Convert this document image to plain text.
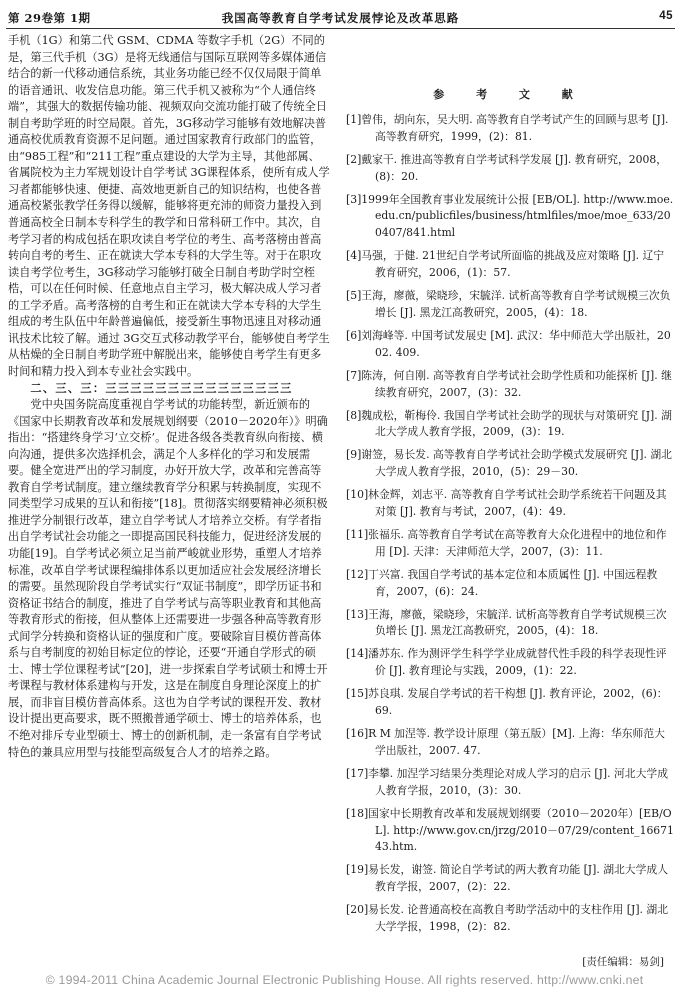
第 29卷第 1期	我国高等教育自学考试发展悖论及改革思路	45

手机（1G）和第二代 GSM、CDMA 等数字手机（2G）不同的是，第三代手机（3G）是将无线通信与国际互联网等多媒体通信结合的新一代移动通信系统，其业务功能已经不仅仅局限于简单的语音通讯、收发信息功能。第三代手机又被称为“个人通信终端”，其强大的数据传输功能、视频双向交流功能打破了传统全日制自考助学班的时空局限。首先，3G移动学习能够有效地解决普通高校优质教育资源不足问题。通过国家教育行政部门的监管，由“985工程”和“211工程”重点建设的大学为主导，其他部属、省属院校为主力军规划设计自学考试 3G课程体系，使所有成人学习者都能够快速、便捷、高效地更新自己的知识结构，也使各普通高校紧张教学任务得以缓解，能够将更充沛的师资力量投入到普通高校全日制本专科学生的教学和日常科研工作中。其次，自考学习者的构成包括在职攻读自考学位的考生、高考落榜由普高转向自考的考生、正在就读大学本专科的大学生等。对于在职攻读自考学位考生，3G移动学习能够打破全日制自考助学时空桎梏，可以在任何时候、任意地点自主学习，极大解决成人学习者的工学矛盾。高考落榜的自考生和正在就读大学本专科的大学生组成的考生队伍中年龄普遍偏低，接受新生事物迅速且对移动通讯技术比较了解。通过 3G交互式移动教学平台，能够使自考学生从枯燥的全日制自考助学班中解脱出来，能够使自考学生有更多时间和精力投入到本专业社会实践中。

二、三、三：三三三三三三三三三三三三三三三

党中央国务院高度重视自学考试的功能转型，新近颁布的《国家中长期教育改革和发展规划纲要（2010－2020年）》明确指出：“搭建终身学习‘立交桥’。促进各级各类教育纵向衔接、横向沟通，提供多次选择机会，满足个人多样化的学习和发展需要。健全宽进严出的学习制度，办好开放大学，改革和完善高等教育自学考试制度。建立继续教育学分积累与转换制度，实现不同类型学习成果的互认和衔接”[18]。贯彻落实纲要精神必须积极推进学分制银行改革，建立自学考试人才培养立交桥。有学者指出自学考试社会功能之一即提高国民科技能力，促进经济发展的功能[19]。自学考试必须立足当前严峻就业形势，重塑人才培养标准，改革自学考试课程编排体系以更加适应社会发展经济增长的需要。虽然现阶段自学考试实行“双证书制度”，即学历证书和资格证书结合的制度，推进了自学考试与高等职业教育和其他高等教育形式的衔接，但从整体上还需要进一步强各种高等教育形式间学分转换和资格认证的强度和广度。要破除盲目模仿普高体系与自考制度的初始目标定位的悖论，还要“开通自学形式的硕士、博士学位课程考试”[20]，进一步探索自学考试硕士和博士开考课程与教材体系建构与开发，这是在制度自身理论深度上的扩展，而非盲目模仿普高体系。这也为自学考试的课程开发、教材设计提出更高要求，既不照搬普通学硕士、博士的培养体系，也不绝对排斥专业型硕士、博士的创新机制，走一条富有自学考试特色的兼具应用型与技能型高级复合人才的培养之路。

参 考 文 献

[1]曾伟，胡向东，吴大明. 高等教育自学考试产生的回顾与思考 [J]. 高等教育研究，1999，(2)：81.

[2]戴家干. 推进高等教育自学考试科学发展 [J]. 教育研究，2008，(8)：20.

[3]1999年全国教育事业发展统计公报 [EB/OL]. http://www.moe.edu.cn/publicfiles/business/htmlfiles/moe/moe_633/200407/841.html

[4]马强，于健. 21世纪自学考试所面临的挑战及应对策略 [J]. 辽宁教育研究，2006，(1)：57.

[5]王海，廖薇，梁晓珍，宋毓洋. 试析高等教育自学考试规模三次负增长 [J]. 黑龙江高教研究，2005，(4)：18.

[6]刘海峰等. 中国考试发展史 [M]. 武汉：华中师范大学出版社，2002. 409.

[7]陈涛，何自刚. 高等教育自学考试社会助学性质和功能探析 [J]. 继续教育研究，2007，(3)：32.

[8]魏成松，靳梅伶. 我国自学考试社会助学的现状与对策研究 [J]. 湖北大学成人教育学报，2009，(3)：19.

[9]谢签，易长发. 高等教育自学考试社会助学模式发展研究 [J]. 湖北大学成人教育学报，2010，(5)：29－30.

[10]林金辉，刘志平. 高等教育自学考试社会助学系统若干问题及其对策 [J]. 教育与考试，2007，(4)：49.

[11]张福乐. 高等教育自学考试在高等教育大众化进程中的地位和作用 [D]. 天津：天津师范大学，2007，(3)：11.

[12]丁兴富. 我国自学考试的基本定位和本质属性 [J]. 中国远程教育，2007，(6)：24.

[13]王海，廖薇，梁晓珍，宋毓洋. 试析高等教育自学考试规模三次负增长 [J]. 黑龙江高教研究，2005，(4)：18.

[14]潘苏东. 作为测评学生科学学业成就替代性手段的科学表现性评价 [J]. 教育理论与实践，2009，(1)：22.

[15]苏良琪. 发展自学考试的若干构想 [J]. 教育评论，2002，(6)：69.

[16]R M 加涅等. 教学设计原理（第五版）[M]. 上海：华东师范大学出版社，2007. 47.

[17]李攀. 加涅学习结果分类理论对成人学习的启示 [J]. 河北大学成人教育学报，2010，(3)：30.

[18]国家中长期教育改革和发展规划纲要（2010－2020年）[EB/OL]. http://www.gov.cn/jrzg/2010－07/29/content_1667143.htm.

[19]易长发，谢签. 简论自学考试的两大教育功能 [J]. 湖北大学成人教育学报，2007，(2)：22.

[20]易长发. 论普通高校在高教自考助学活动中的支柱作用 [J]. 湖北大学学报，1998，(2)：82.

[责任编辑：易剑]
© 1994-2011 China Academic Journal Electronic Publishing House. All rights reserved. http://www.cnki.net
